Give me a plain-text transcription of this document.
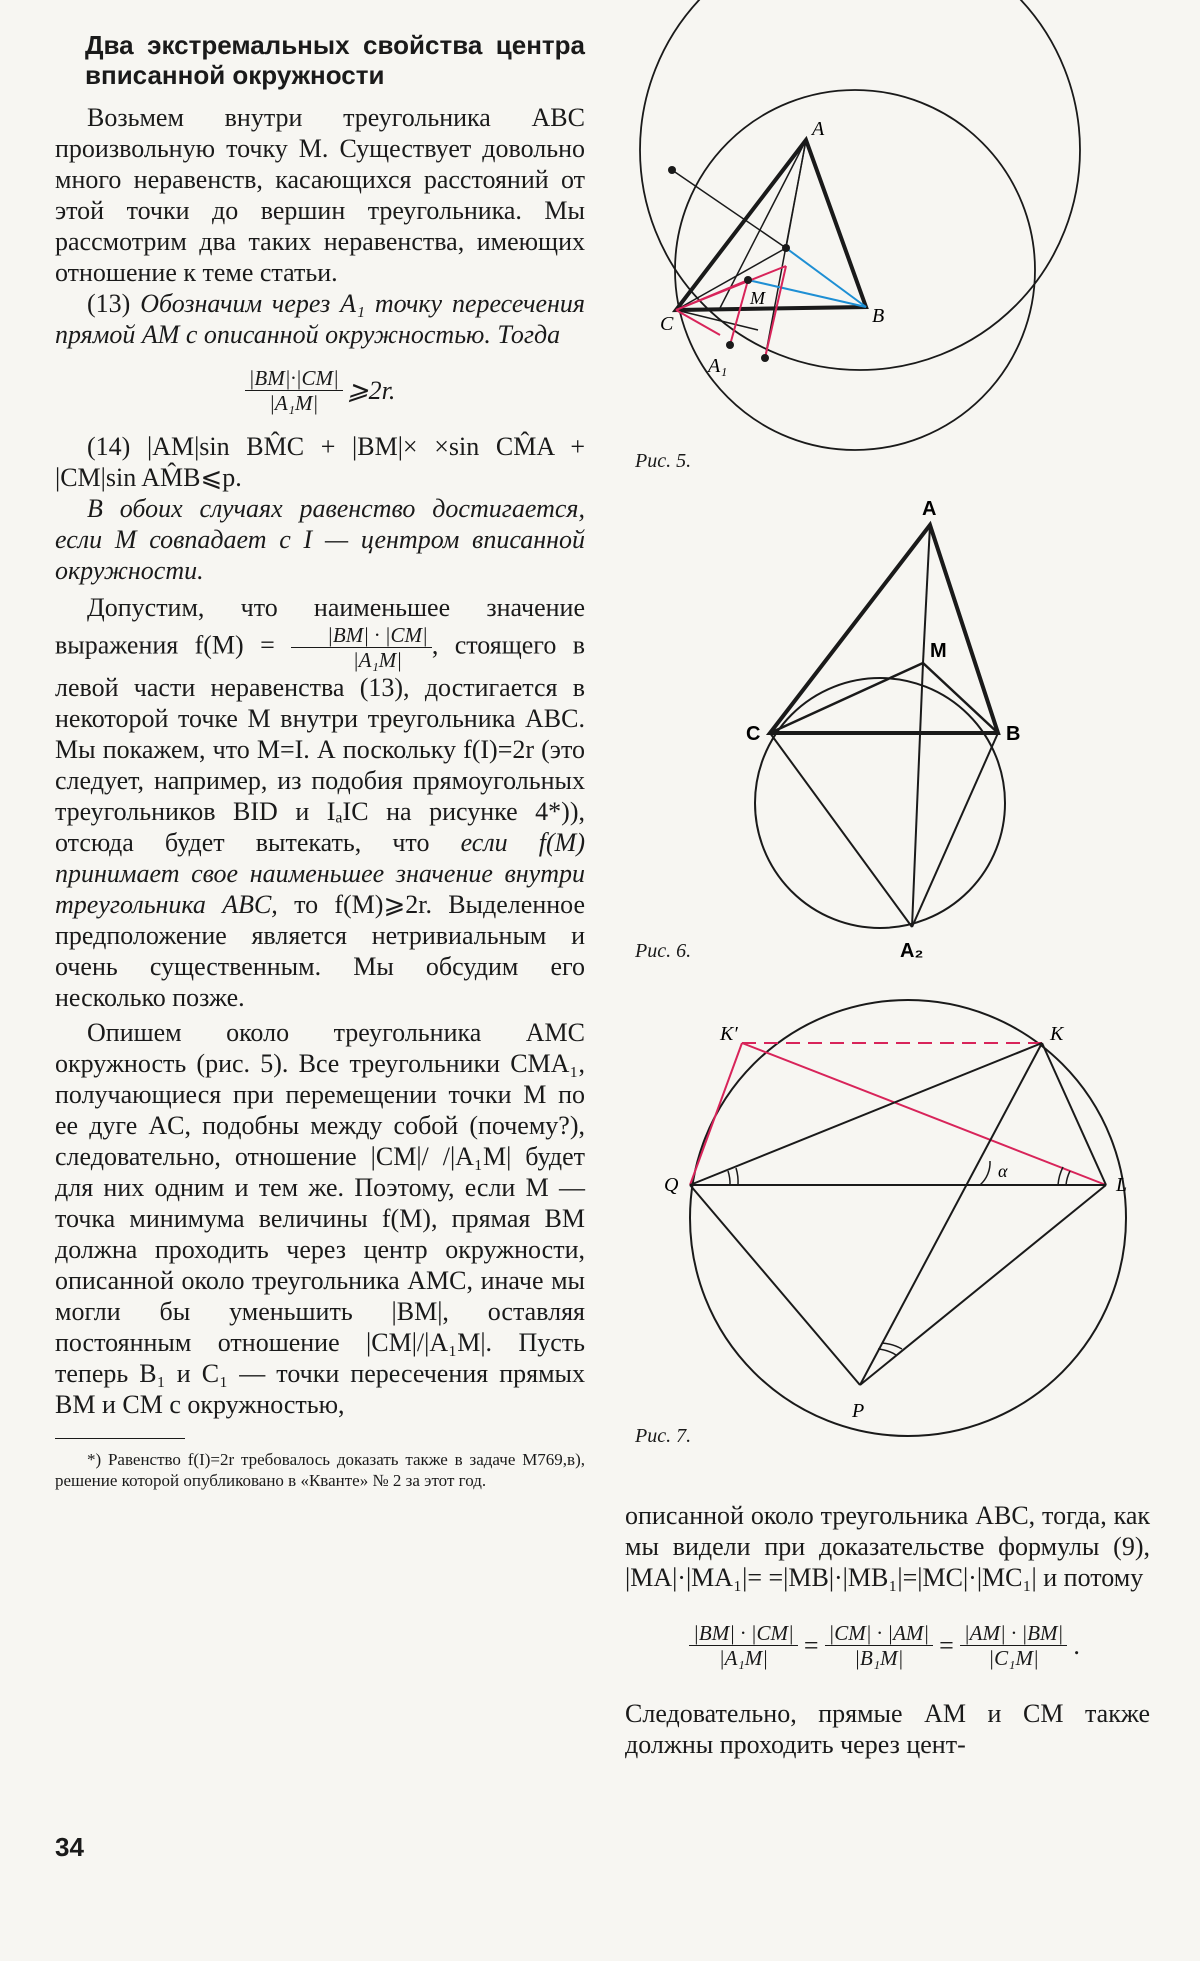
Два экстремальных свойства центра вписанной окружности

Возьмем внутри треугольника ABC произвольную точку M. Существует довольно много неравенств, касающихся расстояний от этой точки до вершин треугольника. Мы рассмотрим два таких неравенства, имеющих отношение к теме статьи.

(13) Обозначим через A₁ точку пересечения прямой AM с описанной окружностью. Тогда

$\frac{|BM|\cdot|CM|}{\text{|A₁M|}}$ ⩾2r.

(14) |AM|sin BM̂C + |BM|× ×sin CM̂A + |CM|sin AM̂B⩽p.

В обоих случаях равенство достигается, если M совпадает с I — центром вписанной окружности.

Допустим, что наименьшее значение выражения $f(M) = \frac{|BM| \cdot |CM|}{\text{|A₁M|}}$ , стоящего в левой части неравенства (13), достигается в некоторой точке M внутри треугольника ABC. Мы покажем, что M=I. А поскольку f(I)=2r (это следует, например, из подобия прямоугольных треугольников BID и IₐIC на рисунке 4*)), отсюда будет вытекать, что если f(M) принимает свое наименьшее значение внутри треугольника ABC, то f(M)⩾2r. Выделенное предположение является нетривиальным и очень существенным. Мы обсудим его несколько позже.

Опишем около треугольника AMC окружность (рис. 5). Все треугольники CMA₁, получающиеся при перемещении точки M по ее дуге AC, подобны между собой (почему?), следовательно, отношение |CM|/ /|A₁M| будет для них одним и тем же. Поэтому, если M — точка минимума величины f(M), прямая BM должна проходить через центр окружности, описанной около треугольника AMC, иначе мы могли бы уменьшить |BM|, оставляя постоянным отношение |CM|/|A₁M|. Пусть теперь B₁ и C₁ — точки пересечения прямых BM и CM с окружностью,

*) Равенство f(I)=2r требовалось доказать также в задаче М769,в), решение которой опубликовано в «Кванте» № 2 за этот год.

34
A
B
C
M
A₁
Рис. 5.
A
M
C	B
A₂
Рис. 6.
K′	K
Q	L
P
α
Рис. 7.

описанной около треугольника ABC, тогда, как мы видели при доказательстве формулы (9), |MA|·|MA₁|= =|MB|·|MB₁|=|MC|·|MC₁| и потому

$\frac{|BM| \cdot |CM|}{\text{|A₁M|}} = \frac{|CM| \cdot |AM|}{\text{|B₁M|}} = \frac{|AM| \cdot |BM|}{\text{|C₁M|}}$ .

Следовательно, прямые AM и CM также должны проходить через цент-
